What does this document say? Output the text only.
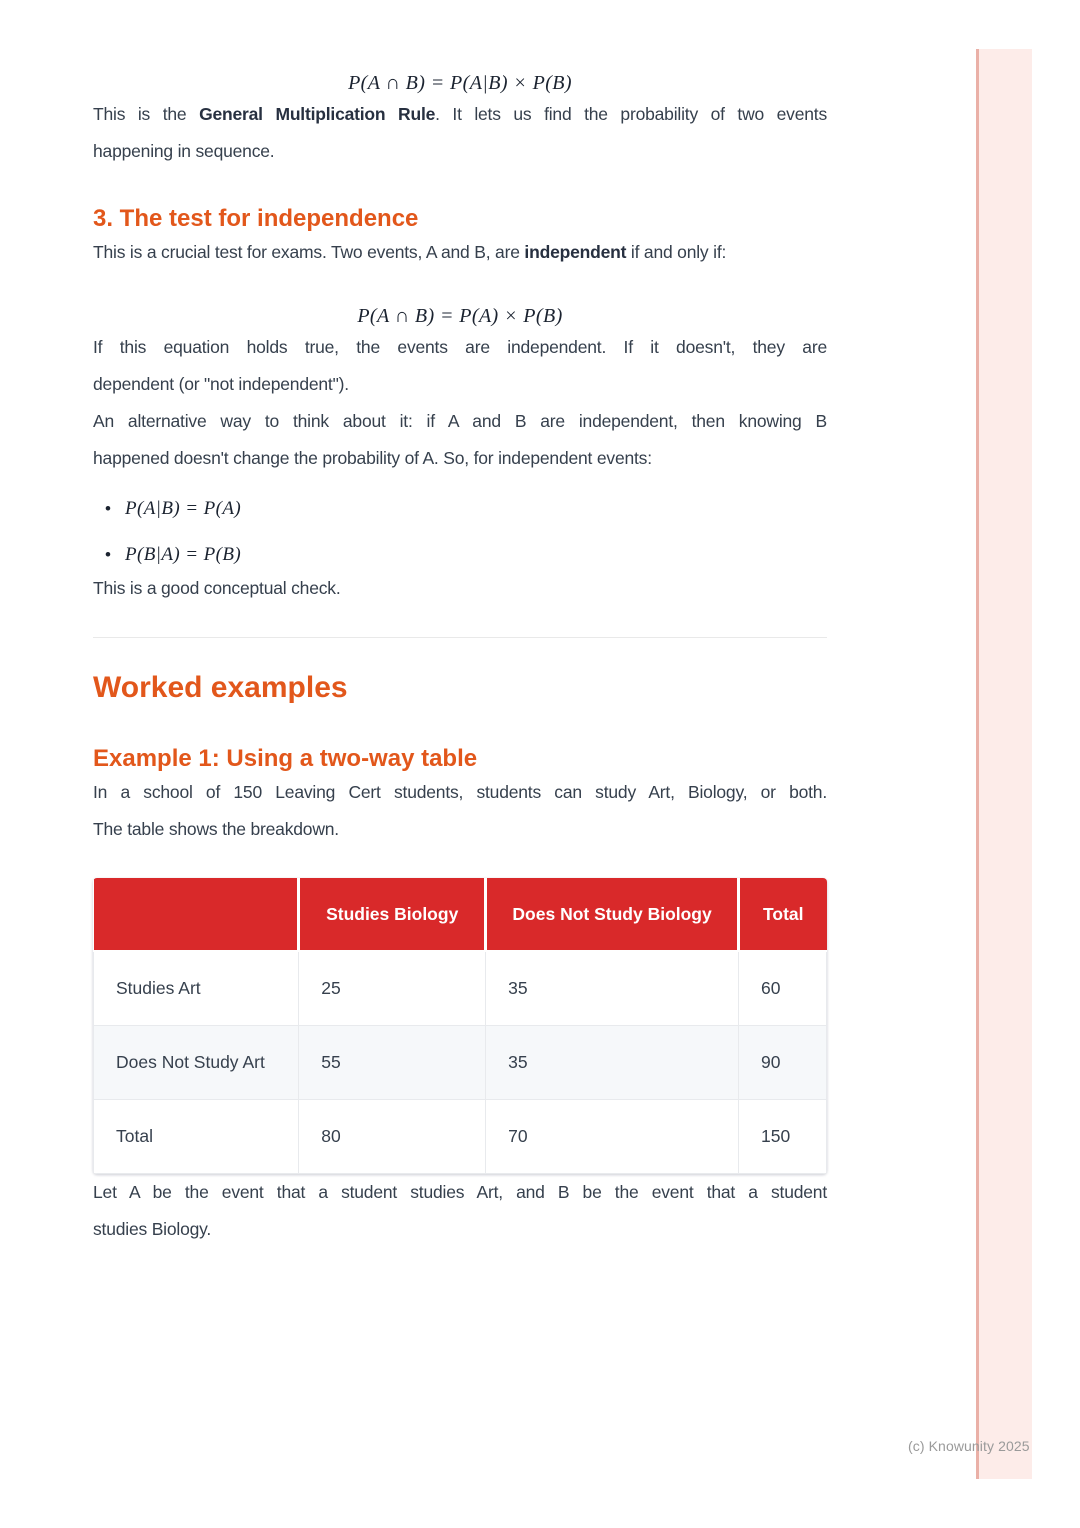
P(A ∩ B) = P(A|B) × P(B)

This is the General Multiplication Rule. It lets us find the probability of two events
happening in sequence.

3. The test for independence

This is a crucial test for exams. Two events, A and B, are independent if and only if:

P(A ∩ B) = P(A) × P(B)

If this equation holds true, the events are independent. If it doesn't, they are
dependent (or "not independent").

An alternative way to think about it: if A and B are independent, then knowing B
happened doesn't change the probability of A. So, for independent events:

• P(A|B) = P(A)
• P(B|A) = P(B)

This is a good conceptual check.

Worked examples
Example 1: Using a two-way table

In a school of 150 Leaving Cert students, students can study Art, Biology, or both.
The table shows the breakdown.

	Studies Biology	Does Not Study Biology	Total
Studies Art	25	35	60
Does Not Study Art	55	35	90
Total	80	70	150

Let A be the event that a student studies Art, and B be the event that a student
studies Biology.

(c) Knowunity 2025
